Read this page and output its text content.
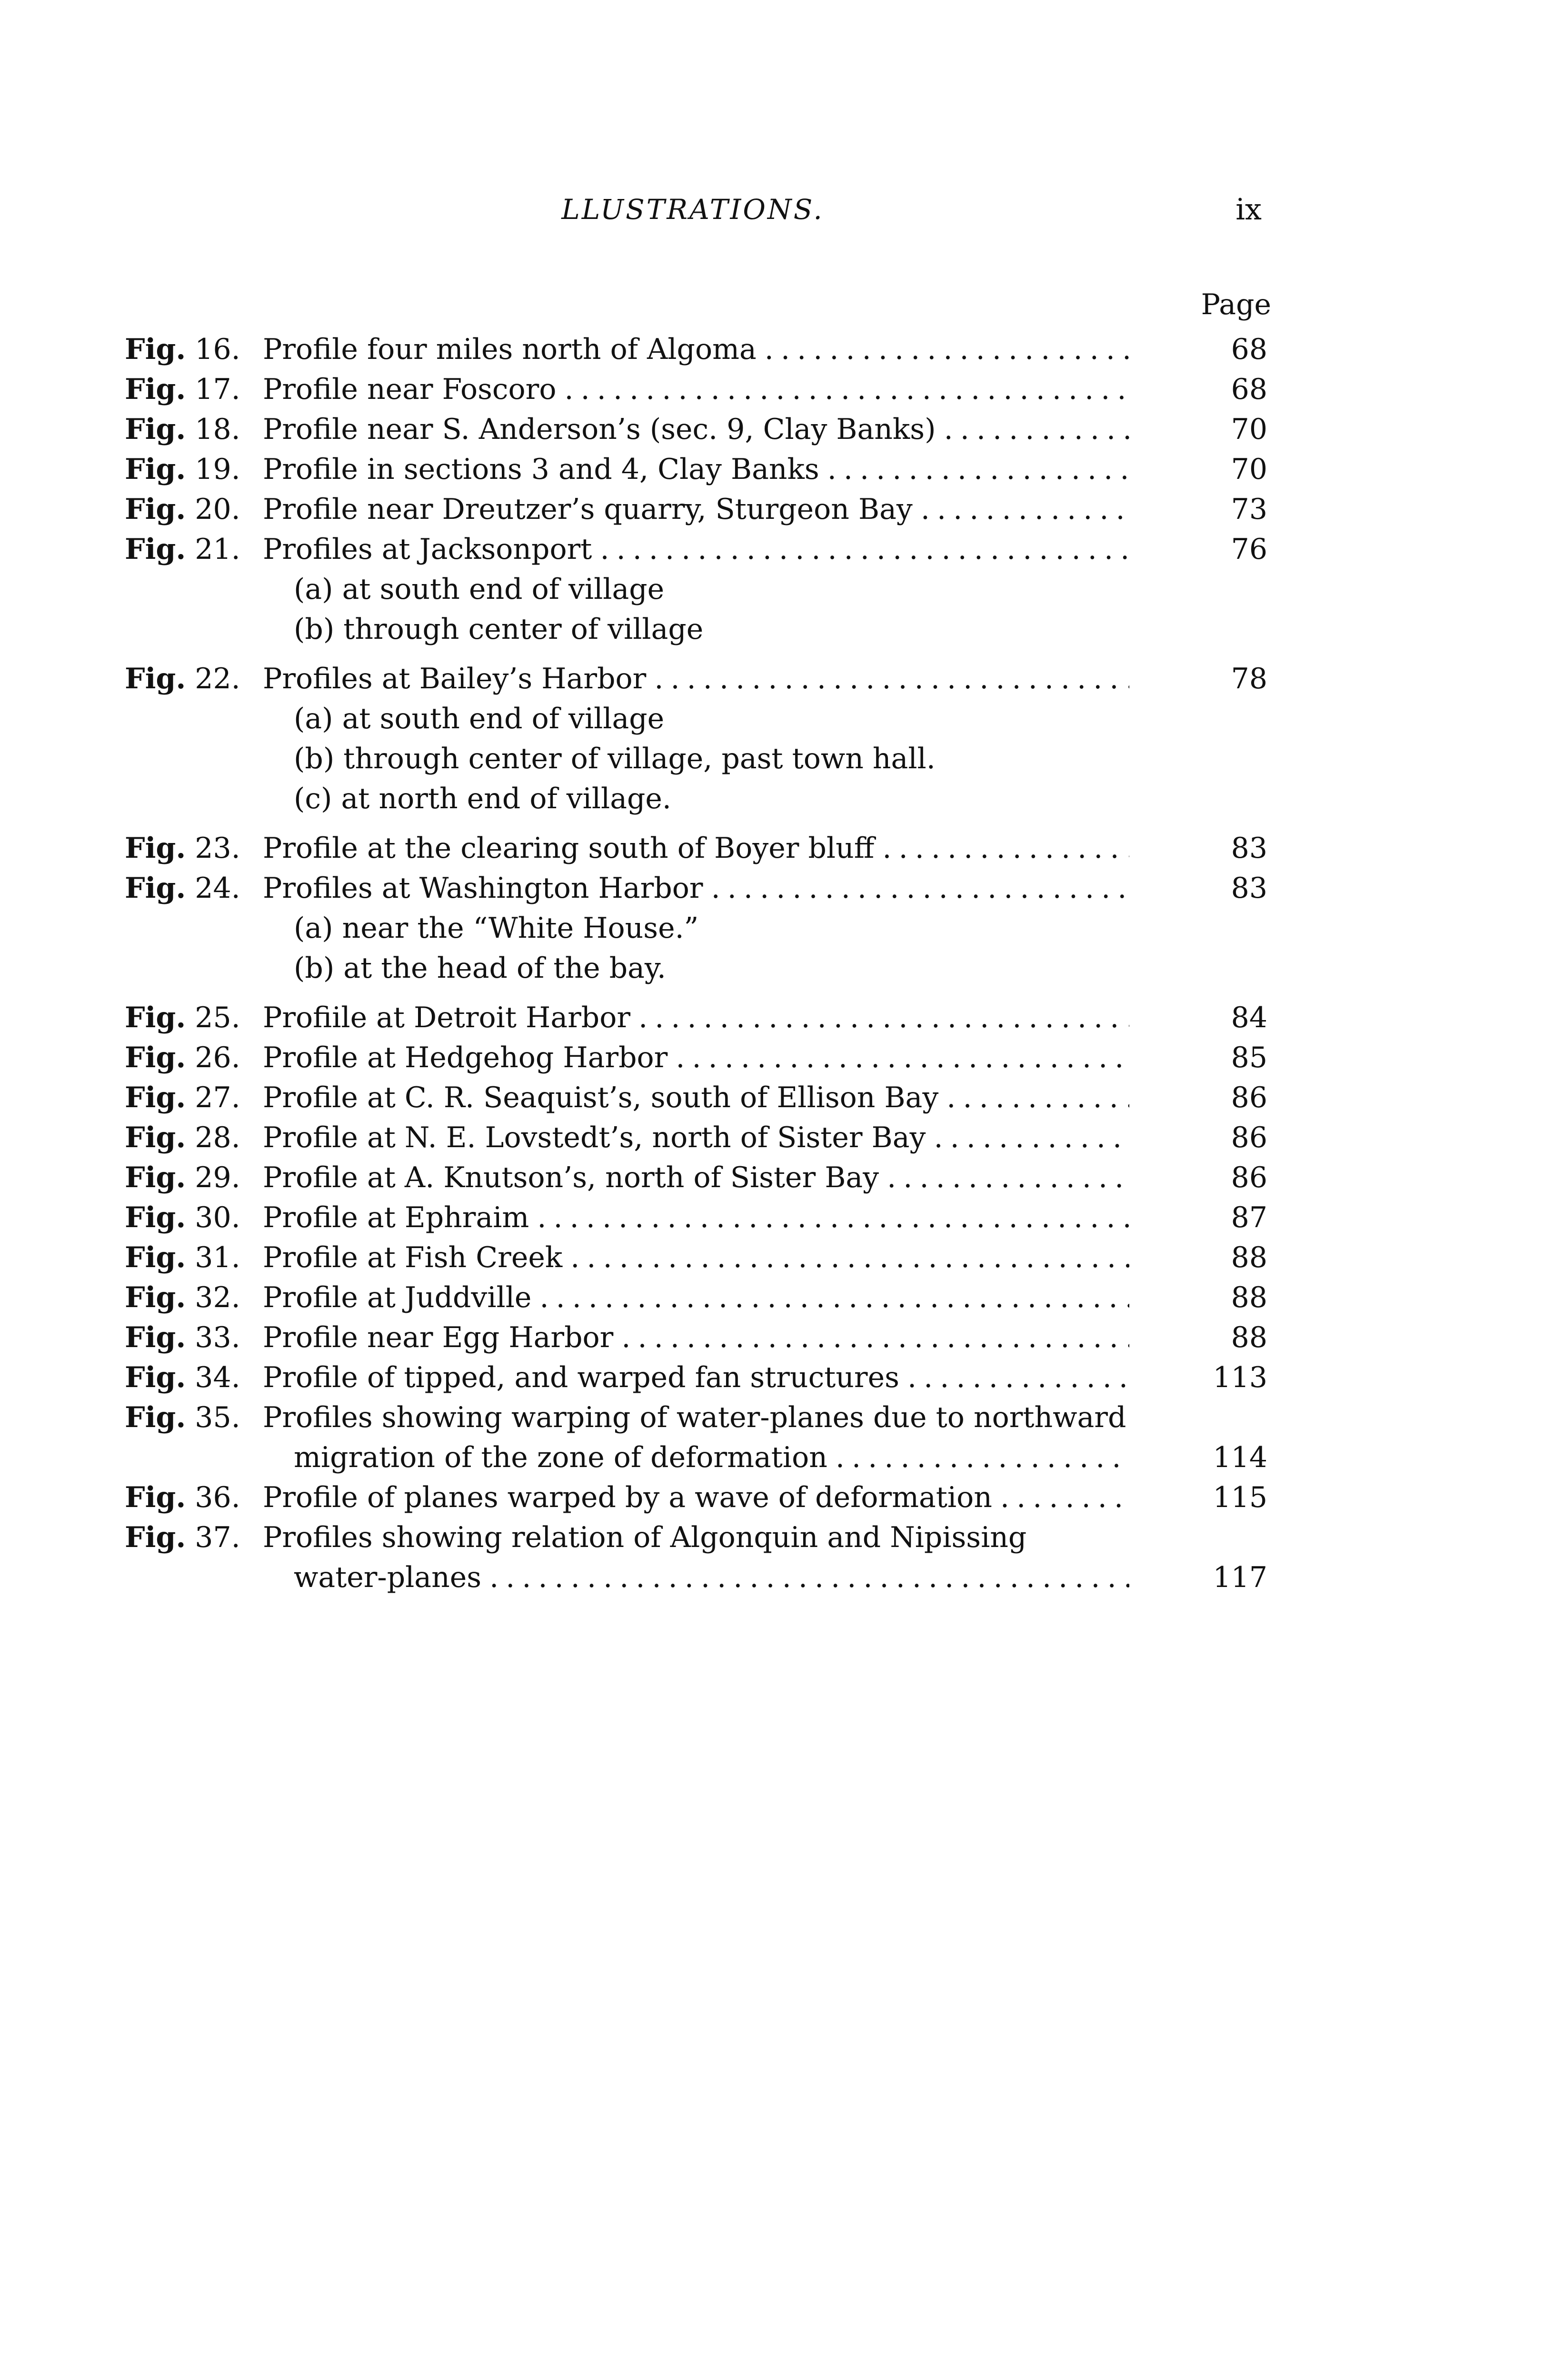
LLUSTRATIONS.	ix
Page
Fig. 16. Profile four miles north of Algoma . . .	68
Fig. 17. Profile near Foscoro . . .	68
Fig. 18. Profile near S. Anderson’s (sec. 9, Clay Banks) . . .	70
Fig. 19. Profile in sections 3 and 4, Clay Banks . . .	70
Fig. 20. Profile near Dreutzer’s quarry, Sturgeon Bay . . .	73
Fig. 21. Profiles at Jacksonport . . .	76
(a) at south end of village
(b) through center of village
Fig. 22. Profiles at Bailey’s Harbor . . .	78
(a) at south end of village
(b) through center of village, past town hall.
(c) at north end of village.
Fig. 23. Profile at the clearing south of Boyer bluff . . .	83
Fig. 24. Profiles at Washington Harbor . . .	83
(a) near the “White House.”
(b) at the head of the bay.
Fig. 25. Profiile at Detroit Harbor . . .	84
Fig. 26. Profile at Hedgehog Harbor . . .	85
Fig. 27. Profile at C. R. Seaquist’s, south of Ellison Bay . . .	86
Fig. 28. Profile at N. E. Lovstedt’s, north of Sister Bay . . .	86
Fig. 29. Profile at A. Knutson’s, north of Sister Bay . . .	86
Fig. 30. Profile at Ephraim . . .	87
Fig. 31. Profile at Fish Creek . . .	88
Fig. 32. Profile at Juddville . . .	88
Fig. 33. Profile near Egg Harbor . . .	88
Fig. 34. Profile of tipped, and warped fan structures . . .	113
Fig. 35. Profiles showing warping of water-planes due to northward
migration of the zone of deformation . . .	114
Fig. 36. Profile of planes warped by a wave of deformation . . .	115
Fig. 37. Profiles showing relation of Algonquin and Nipissing
water-planes . . .	117
